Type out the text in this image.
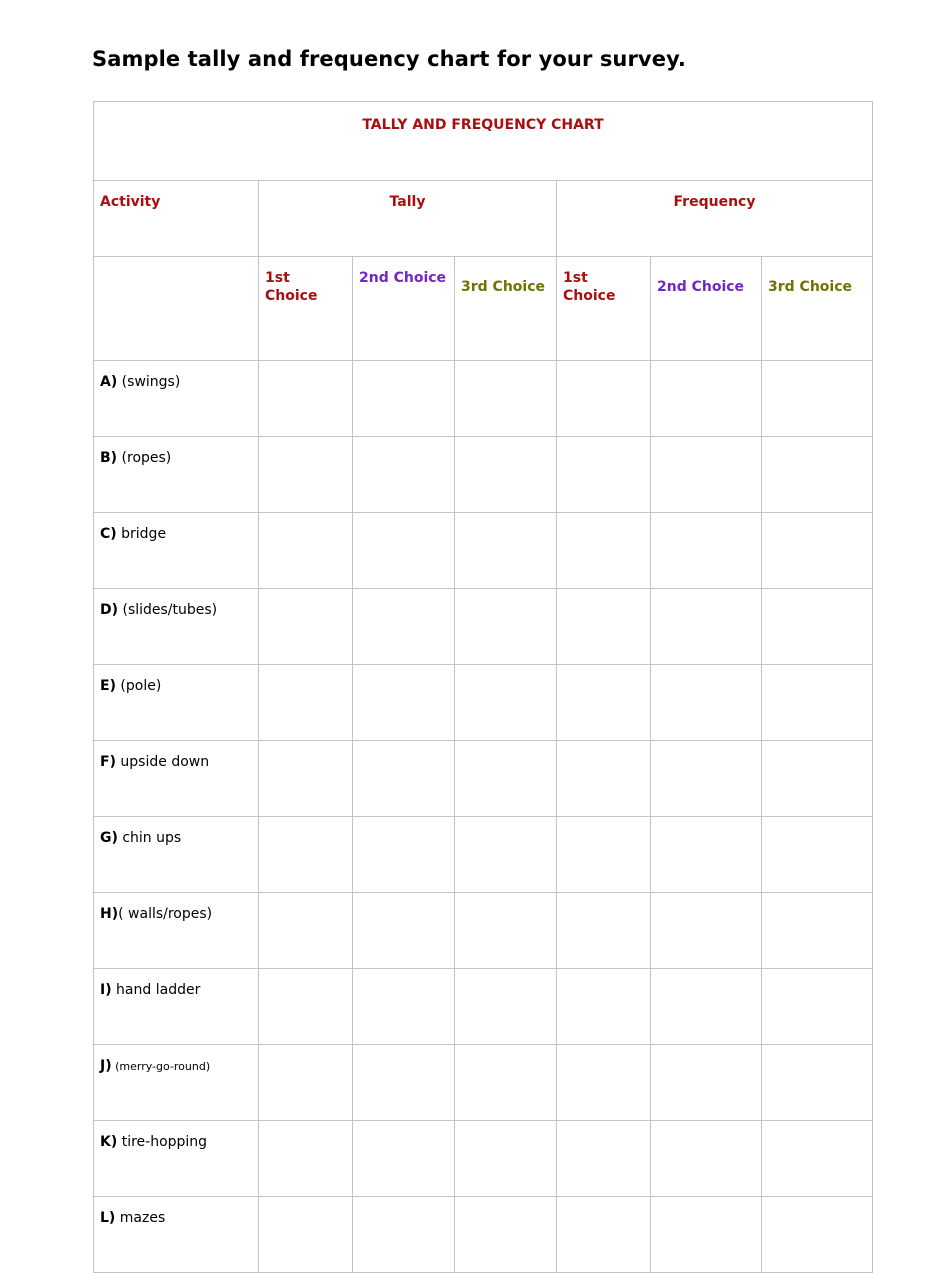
Sample tally and frequency chart for your survey.
TALLY AND FREQUENCY CHART						
Activity	Tally			Frequency		
	1st Choice	2nd Choice	3rd Choice	1st Choice	2nd Choice	3rd Choice
A) (swings)						
B) (ropes)						
C) bridge						
D) (slides/tubes)						
E) (pole)						
F) upside down						
G) chin ups						
H)( walls/ropes)						
I) hand ladder						
J) (merry-go-round)						
K) tire-hopping						
L) mazes						
